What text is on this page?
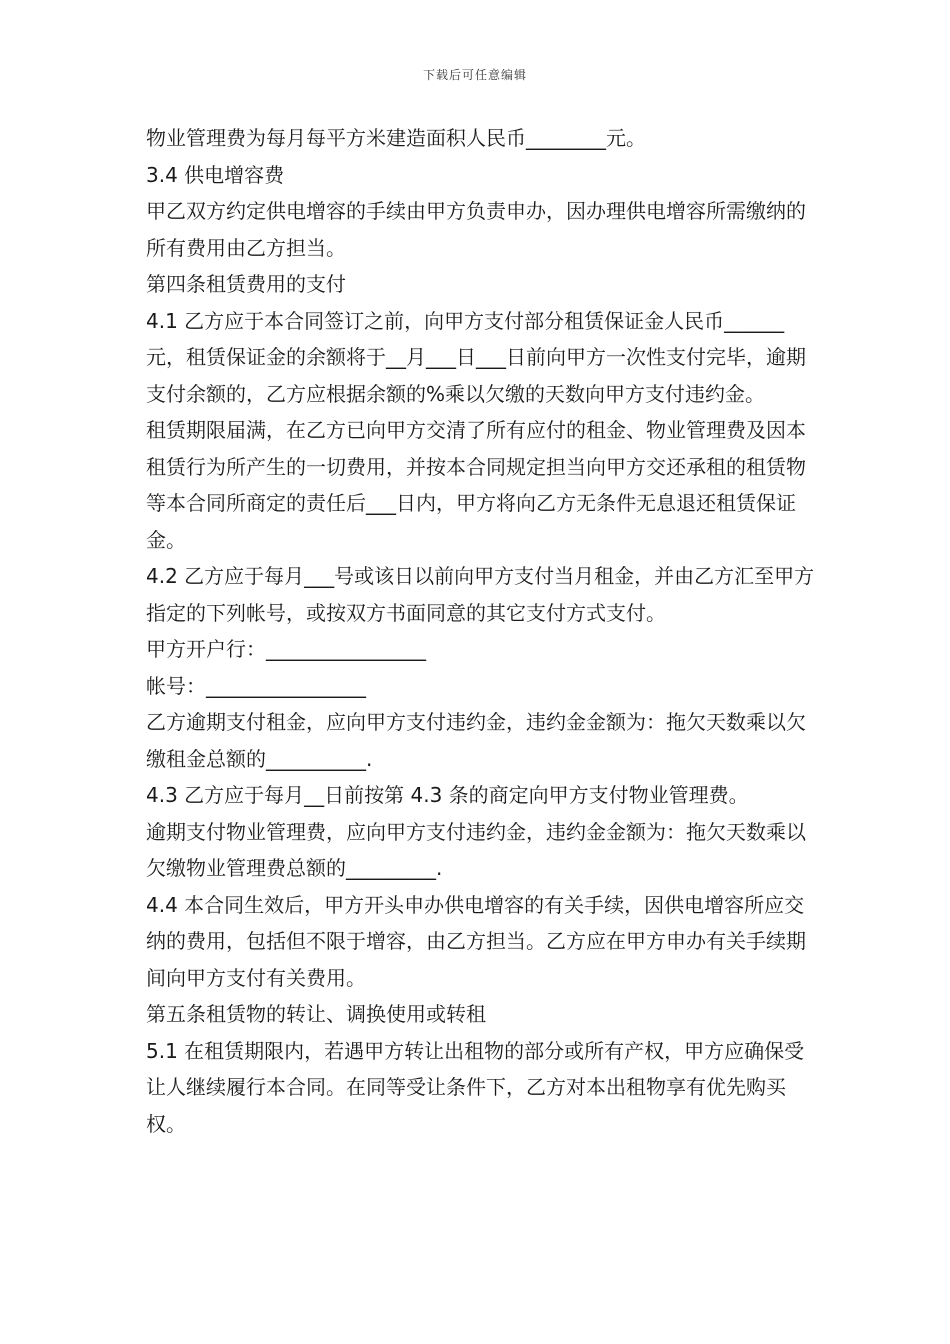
下载后可任意编辑

物业管理费为每月每平方米建造面积人民币________元。

3.4 供电增容费

甲乙双方约定供电增容的手续由甲方负责申办，因办理供电增容所需缴纳的所有费用由乙方担当。

第四条租赁费用的支付

4.1 乙方应于本合同签订之前，向甲方支付部分租赁保证金人民币______元，租赁保证金的余额将于__月___日___日前向甲方一次性支付完毕，逾期支付余额的，乙方应根据余额的%乘以欠缴的天数向甲方支付违约金。

租赁期限届满，在乙方已向甲方交清了所有应付的租金、物业管理费及因本租赁行为所产生的一切费用，并按本合同规定担当向甲方交还承租的租赁物等本合同所商定的责任后___日内，甲方将向乙方无条件无息退还租赁保证金。

4.2 乙方应于每月___号或该日以前向甲方支付当月租金，并由乙方汇至甲方指定的下列帐号，或按双方书面同意的其它支付方式支付。

甲方开户行：________________

帐号：________________

乙方逾期支付租金，应向甲方支付违约金，违约金金额为：拖欠天数乘以欠缴租金总额的__________.

4.3 乙方应于每月__日前按第 4.3 条的商定向甲方支付物业管理费。

逾期支付物业管理费，应向甲方支付违约金，违约金金额为：拖欠天数乘以欠缴物业管理费总额的_________.

4.4 本合同生效后，甲方开头申办供电增容的有关手续，因供电增容所应交纳的费用，包括但不限于增容，由乙方担当。乙方应在甲方申办有关手续期间向甲方支付有关费用。

第五条租赁物的转让、调换使用或转租

5.1 在租赁期限内，若遇甲方转让出租物的部分或所有产权，甲方应确保受让人继续履行本合同。在同等受让条件下，乙方对本出租物享有优先购买权。
